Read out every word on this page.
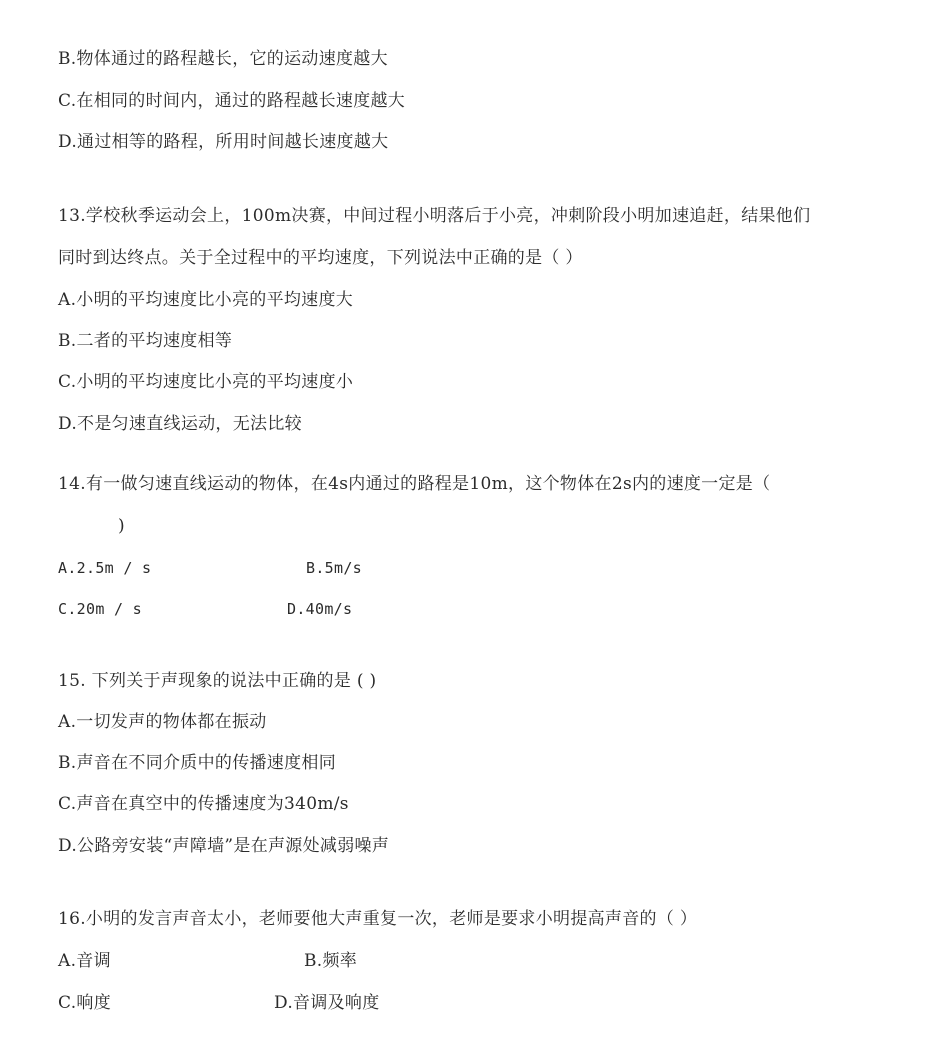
B.物体通过的路程越长，它的运动速度越大
C.在相同的时间内，通过的路程越长速度越大
D.通过相等的路程，所用时间越长速度越大
13.学校秋季运动会上，100m决赛，中间过程小明落后于小亮，冲刺阶段小明加速追赶，结果他们
同时到达终点。关于全过程中的平均速度，下列说法中正确的是（ ）
A.小明的平均速度比小亮的平均速度大
B.二者的平均速度相等
C.小明的平均速度比小亮的平均速度小
D.不是匀速直线运动，无法比较
14.有一做匀速直线运动的物体，在4s内通过的路程是10m，这个物体在2s内的速度一定是（
)
A.2.5m / s	B.5m/s
C.20m / s	D.40m/s
15. 下列关于声现象的说法中正确的是 ( )
A.一切发声的物体都在振动
B.声音在不同介质中的传播速度相同
C.声音在真空中的传播速度为340m/s
D.公路旁安装“声障墙”是在声源处减弱噪声
16.小明的发言声音太小，老师要他大声重复一次，老师是要求小明提高声音的（ ）
A.音调	B.频率
C.响度	D.音调及响度
